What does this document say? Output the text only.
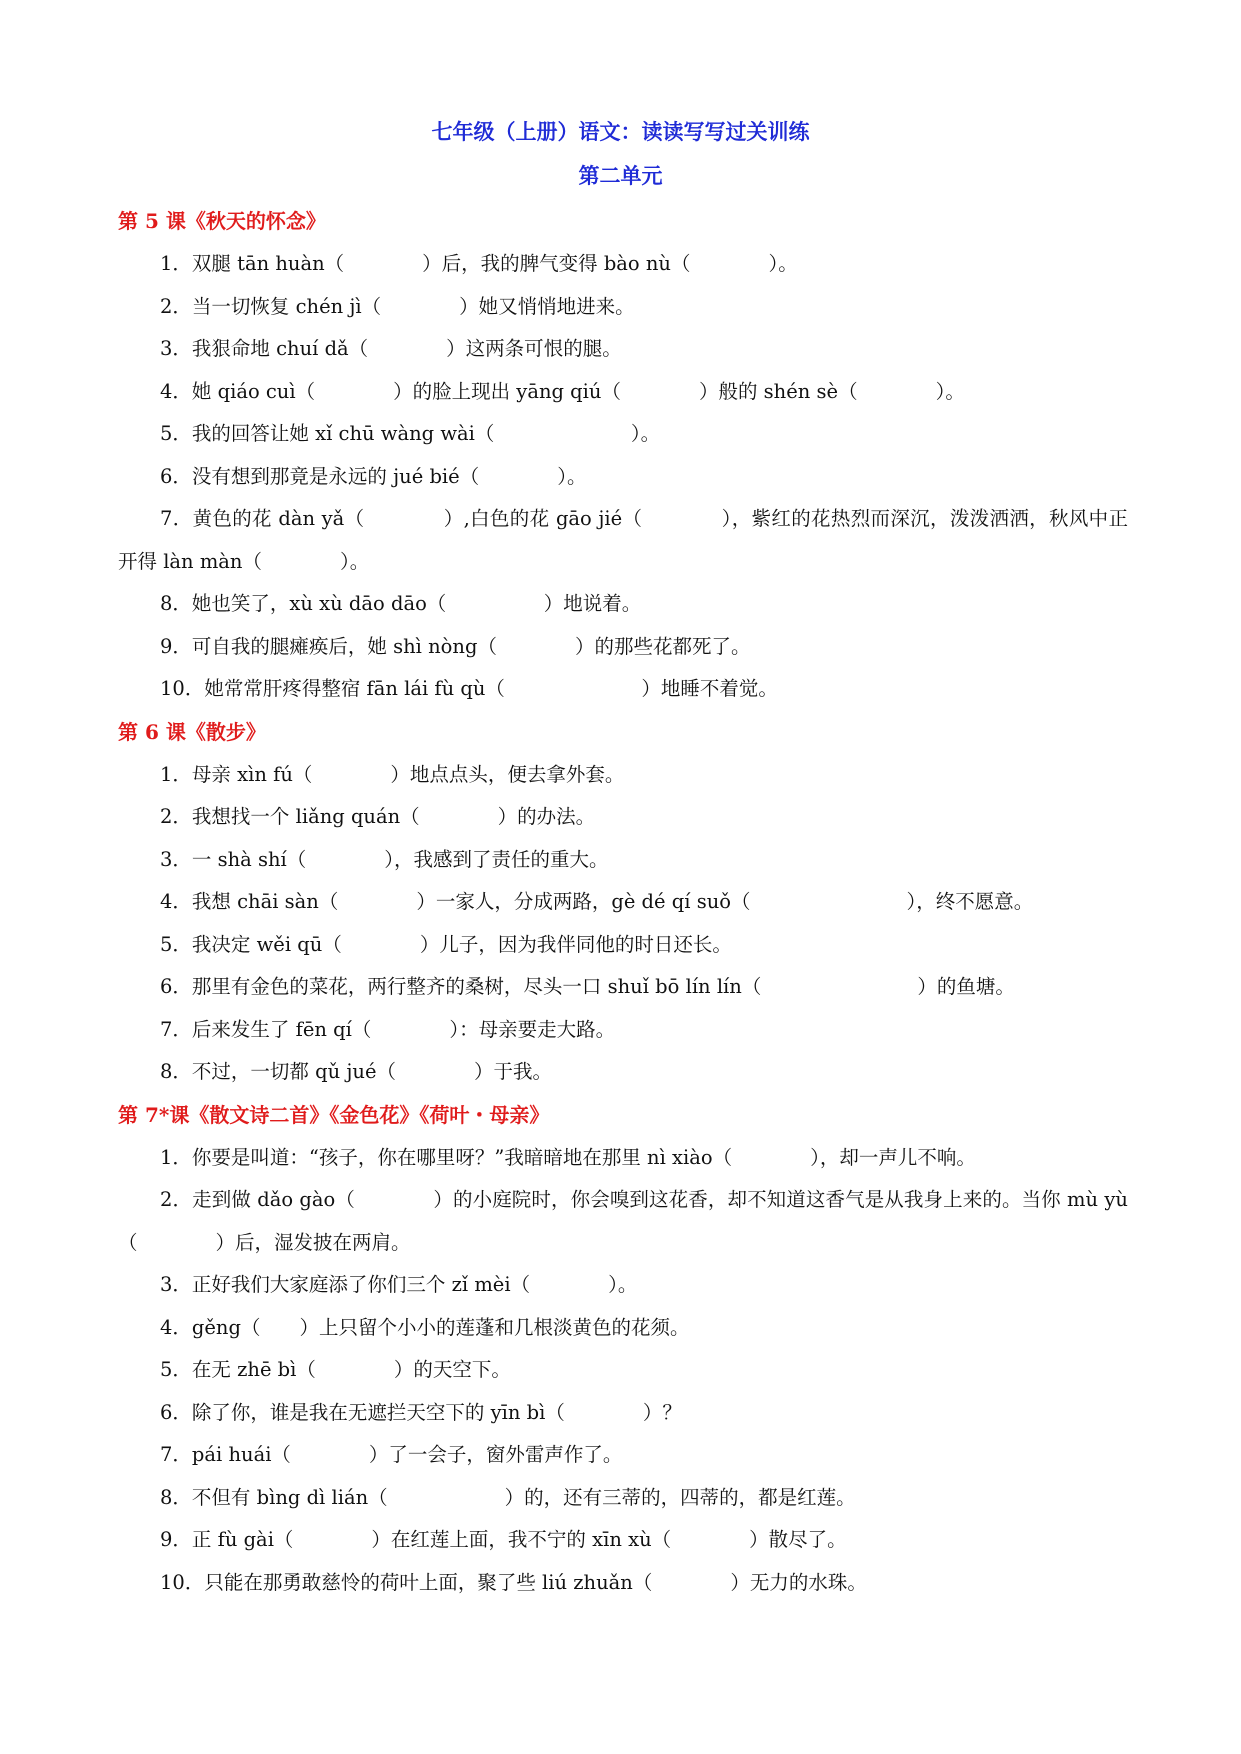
七年级（上册）语文：读读写写过关训练
第二单元
第 5 课《秋天的怀念》
1．双腿 tān huàn（　　　　）后，我的脾气变得 bào nù（　　　　）。
2．当一切恢复 chén jì（　　　　）她又悄悄地进来。
3．我狠命地 chuí dǎ（　　　　）这两条可恨的腿。
4．她 qiáo cuì（　　　　）的脸上现出 yāng qiú（　　　　）般的 shén sè（　　　　）。
5．我的回答让她 xǐ chū wàng wài（　　　　　　　）。
6．没有想到那竟是永远的 jué bié（　　　　）。
7．黄色的花 dàn yǎ（　　　　）,白色的花 gāo jié（　　　　），紫红的花热烈而深沉，泼泼洒洒，秋风中正开得 làn màn（　　　　）。
8．她也笑了，xù xù dāo dāo（　　　　　）地说着。
9．可自我的腿瘫痪后，她 shì nòng（　　　　）的那些花都死了。
10．她常常肝疼得整宿 fān lái fù qù（　　　　　　　）地睡不着觉。
第 6 课《散步》
1．母亲 xìn fú（　　　　）地点点头，便去拿外套。
2．我想找一个 liǎng quán（　　　　）的办法。
3．一 shà shí（　　　　），我感到了责任的重大。
4．我想 chāi sàn（　　　　）一家人，分成两路，gè dé qí suǒ（　　　　　　　　），终不愿意。
5．我决定 wěi qū（　　　　）儿子，因为我伴同他的时日还长。
6．那里有金色的菜花，两行整齐的桑树，尽头一口 shuǐ bō lín lín（　　　　　　　　）的鱼塘。
7．后来发生了 fēn qí（　　　　）：母亲要走大路。
8．不过，一切都 qǔ jué（　　　　）于我。
第 7*课《散文诗二首》《金色花》《荷叶・母亲》
1．你要是叫道：“孩子，你在哪里呀？”我暗暗地在那里 nì xiào（　　　　），却一声儿不响。
2．走到做 dǎo gào（　　　　）的小庭院时，你会嗅到这花香，却不知道这香气是从我身上来的。当你 mù yù（　　　　）后，湿发披在两肩。
3．正好我们大家庭添了你们三个 zǐ mèi（　　　　）。
4．gěng（　　）上只留个小小的莲蓬和几根淡黄色的花须。
5．在无 zhē bì（　　　　）的天空下。
6．除了你，谁是我在无遮拦天空下的 yīn bì（　　　　）？
7．pái huái（　　　　）了一会子，窗外雷声作了。
8．不但有 bìng dì lián（　　　　　　）的，还有三蒂的，四蒂的，都是红莲。
9．正 fù gài（　　　　）在红莲上面，我不宁的 xīn xù（　　　　）散尽了。
10．只能在那勇敢慈怜的荷叶上面，聚了些 liú zhuǎn（　　　　）无力的水珠。
